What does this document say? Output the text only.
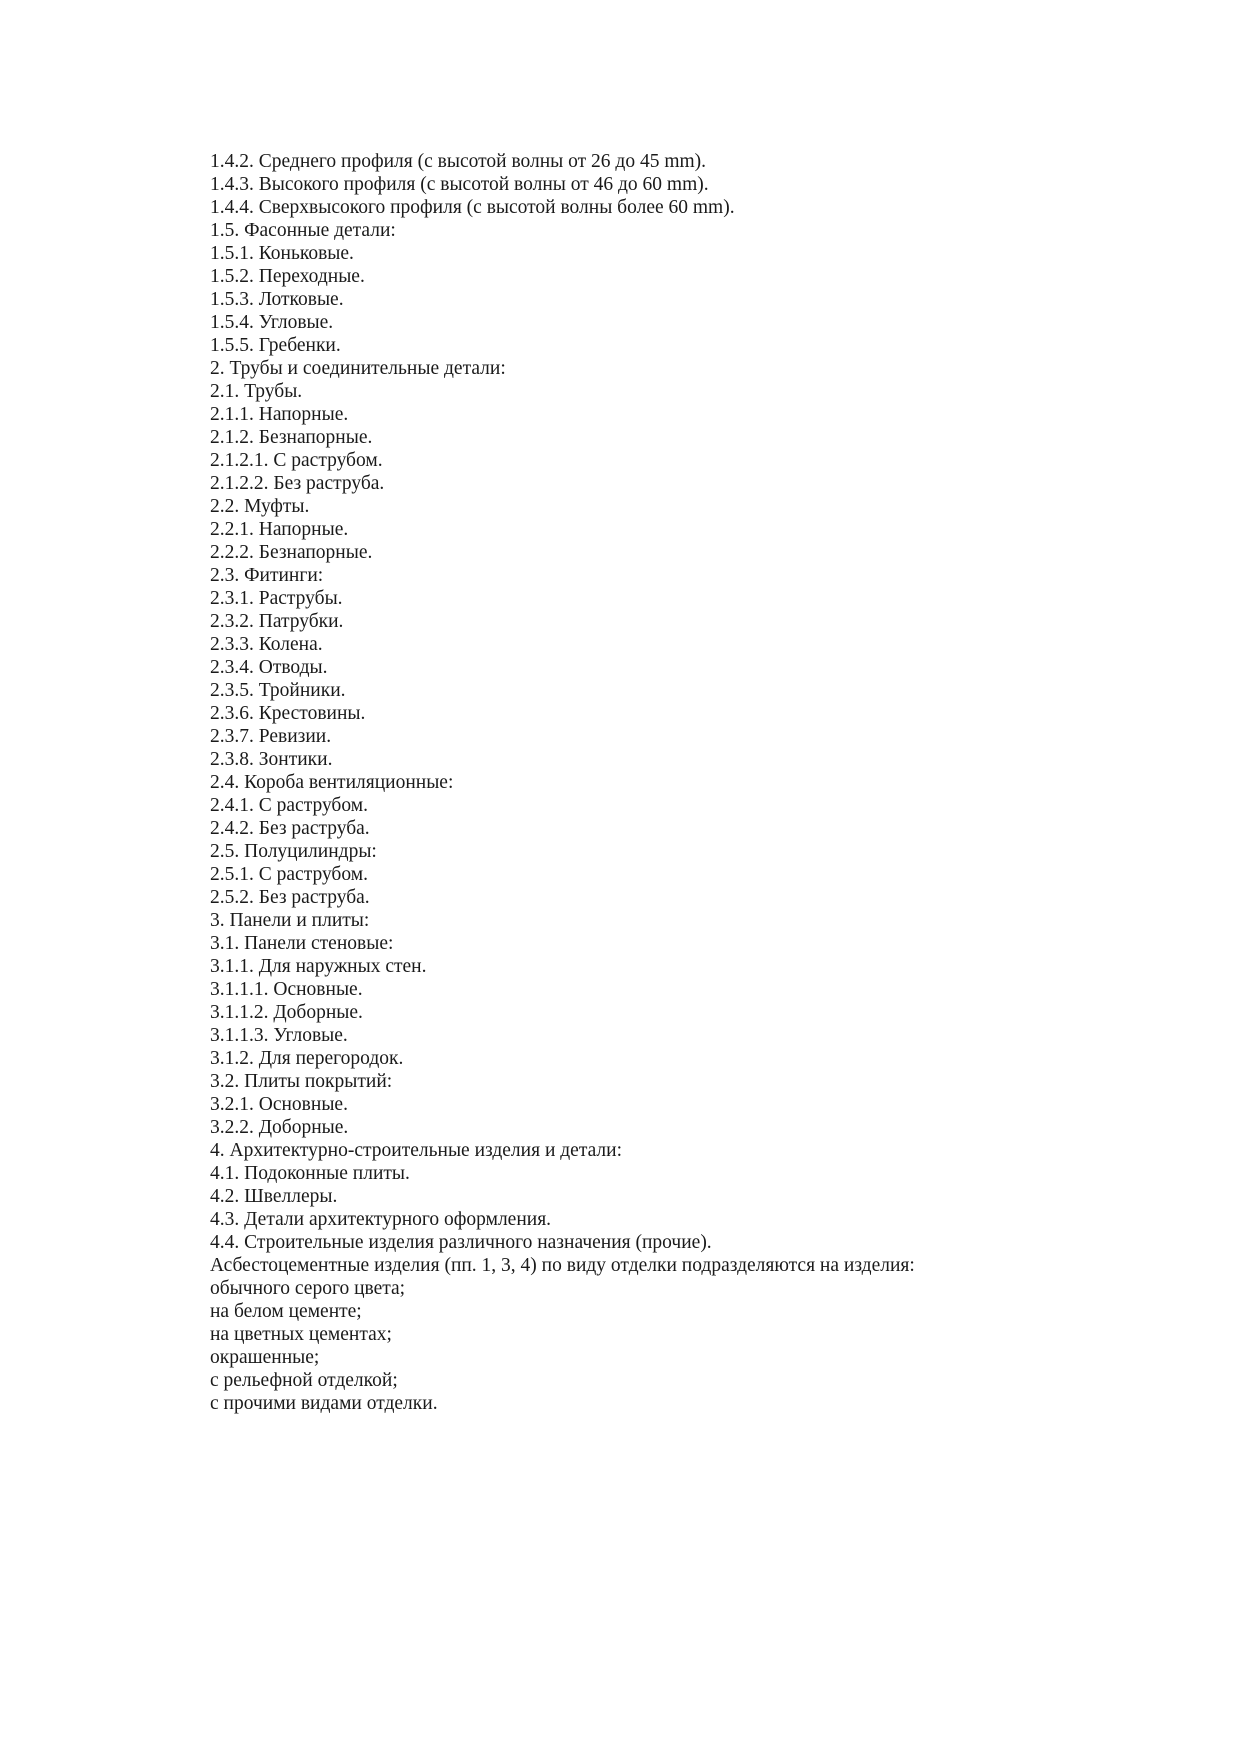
1.4.2. Среднего профиля (с высотой волны от 26 до 45 mm).

1.4.3. Высокого профиля (с высотой волны от 46 до 60 mm).

1.4.4. Сверхвысокого профиля (с высотой волны более 60 mm).

1.5. Фасонные детали:

1.5.1. Коньковые.

1.5.2. Переходные.

1.5.3. Лотковые.

1.5.4. Угловые.

1.5.5. Гребенки.

2. Трубы и соединительные детали:

2.1. Трубы.

2.1.1. Напорные.

2.1.2. Безнапорные.

2.1.2.1. С раструбом.

2.1.2.2. Без раструба.

2.2. Муфты.

2.2.1. Напорные.

2.2.2. Безнапорные.

2.3. Фитинги:

2.3.1. Раструбы.

2.3.2. Патрубки.

2.3.3. Колена.

2.3.4. Отводы.

2.3.5. Тройники.

2.3.6. Крестовины.

2.3.7. Ревизии.

2.3.8. Зонтики.

2.4. Короба вентиляционные:

2.4.1. С раструбом.

2.4.2. Без раструба.

2.5. Полуцилиндры:

2.5.1. С раструбом.

2.5.2. Без раструба.

3. Панели и плиты:

3.1. Панели стеновые:

3.1.1. Для наружных стен.

3.1.1.1. Основные.

3.1.1.2. Доборные.

3.1.1.3. Угловые.

3.1.2. Для перегородок.

3.2. Плиты покрытий:

3.2.1. Основные.

3.2.2. Доборные.

4. Архитектурно-строительные изделия и детали:

4.1. Подоконные плиты.

4.2. Швеллеры.

4.3. Детали архитектурного оформления.

4.4. Строительные изделия различного назначения (прочие).

Асбестоцементные изделия (пп. 1, 3, 4) по виду отделки подразделяются на изделия:

обычного серого цвета;

на белом цементе;

на цветных цементах;

окрашенные;

с рельефной отделкой;

с прочими видами отделки.
